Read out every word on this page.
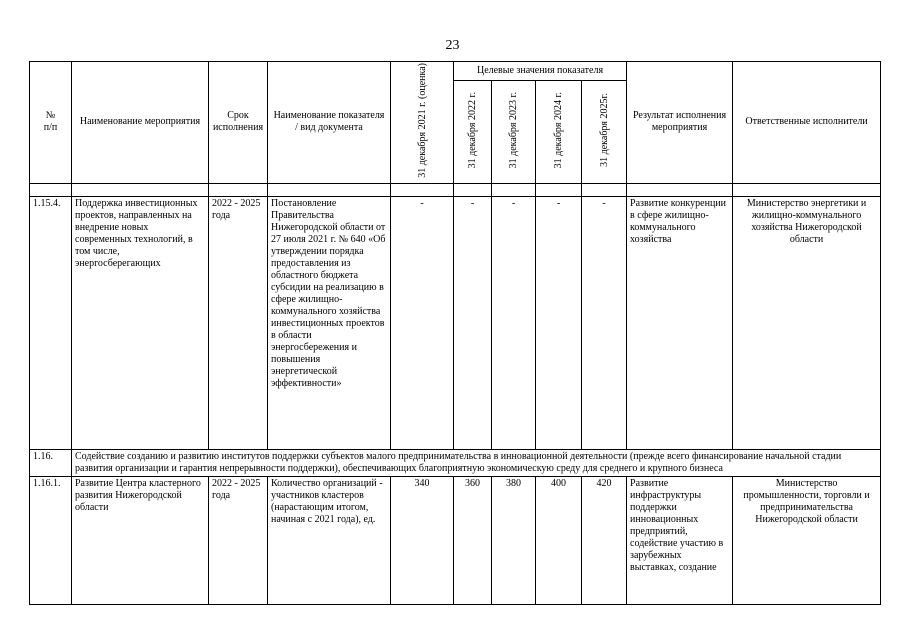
23
№
п/п	Наименование мероприятия	Срок исполнения	Наименование показателя / вид документа	31 декабря 2021 г. (оценка)	Целевые значения показателя				Результат исполнения мероприятия	Ответственные исполнители
					31 декабря 2022 г.	31 декабря 2023 г.	31 декабря 2024 г.	31 декабря 2025г.		

1.15.4.	Поддержка инвестиционных проектов, направленных на внедрение новых современных технологий, в том числе, энергосберегающих	2022 - 2025 года	Постановление Правительства Нижегородской области от 27 июля 2021 г. № 640 «Об утверждении порядка предоставления из областного бюджета субсидии на реализацию в сфере жилищно-коммунального хозяйства инвестиционных проектов в области энергосбережения и повышения энергетической эффективности»	-	-	-	-	-	Развитие конкуренции в сфере жилищно-коммунального хозяйства	Министерство энергетики и жилищно-коммунального хозяйства Нижегородской области
1.16.	Содействие созданию и развитию институтов поддержки субъектов малого предпринимательства в инновационной деятельности (прежде всего финансирование начальной стадии развития организации и гарантия непрерывности поддержки), обеспечивающих благоприятную экономическую среду для среднего и крупного бизнеса									
1.16.1.	Развитие Центра кластерного развития Нижегородской области	2022 - 2025 года	Количество организаций - участников кластеров (нарастающим итогом, начиная с 2021 года), ед.	340	360	380	400	420	Развитие инфраструктуры поддержки инновационных предприятий, содействие участию в зарубежных выставках, создание	Министерство промышленности, торговли и предпринимательства Нижегородской области
